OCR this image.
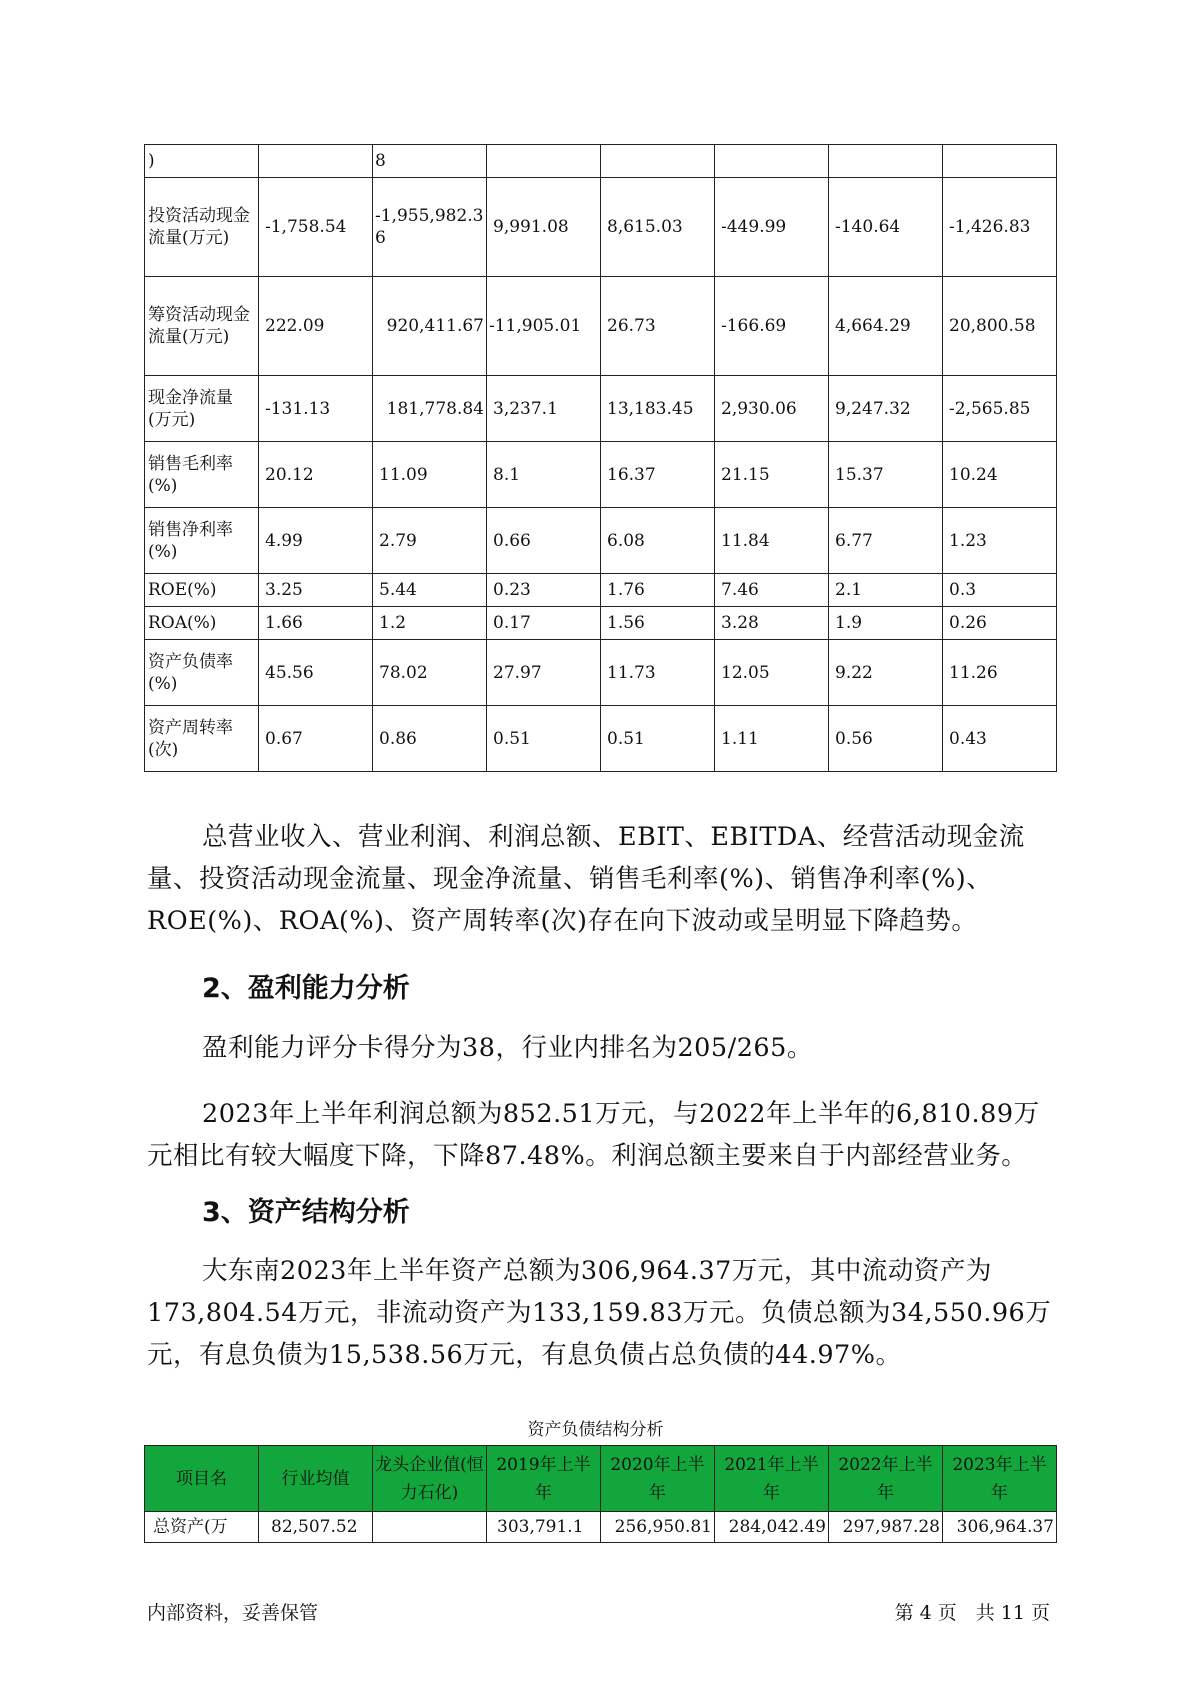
)		8					
投资活动现金流量(万元)	-1,758.54	-1,955,982.36	9,991.08	8,615.03	-449.99	-140.64	-1,426.83
筹资活动现金流量(万元)	222.09	920,411.67	-11,905.01	26.73	-166.69	4,664.29	20,800.58
现金净流量(万元)	-131.13	181,778.84	3,237.1	13,183.45	2,930.06	9,247.32	-2,565.85
销售毛利率(%)	20.12	11.09	8.1	16.37	21.15	15.37	10.24
销售净利率(%)	4.99	2.79	0.66	6.08	11.84	6.77	1.23
ROE(%)	3.25	5.44	0.23	1.76	7.46	2.1	0.3
ROA(%)	1.66	1.2	0.17	1.56	3.28	1.9	0.26
资产负债率(%)	45.56	78.02	27.97	11.73	12.05	9.22	11.26
资产周转率(次)	0.67	0.86	0.51	0.51	1.11	0.56	0.43

总营业收入、营业利润、利润总额、EBIT、EBITDA、经营活动现金流量、投资活动现金流量、现金净流量、销售毛利率(%)、销售净利率(%)、ROE(%)、ROA(%)、资产周转率(次)存在向下波动或呈明显下降趋势。

2、盈利能力分析

盈利能力评分卡得分为38，行业内排名为205/265。

2023年上半年利润总额为852.51万元，与2022年上半年的6,810.89万元相比有较大幅度下降，下降87.48%。利润总额主要来自于内部经营业务。

3、资产结构分析

大东南2023年上半年资产总额为306,964.37万元，其中流动资产为173,804.54万元，非流动资产为133,159.83万元。负债总额为34,550.96万元，有息负债为15,538.56万元，有息负债占总负债的44.97%。

资产负债结构分析
项目名	行业均值	龙头企业值(恒力石化)	2019年上半年	2020年上半年	2021年上半年	2022年上半年	2023年上半年
总资产(万	82,507.52		303,791.1	256,950.81	284,042.49	297,987.28	306,964.37
内部资料，妥善保管	第 4 页　共 11 页
